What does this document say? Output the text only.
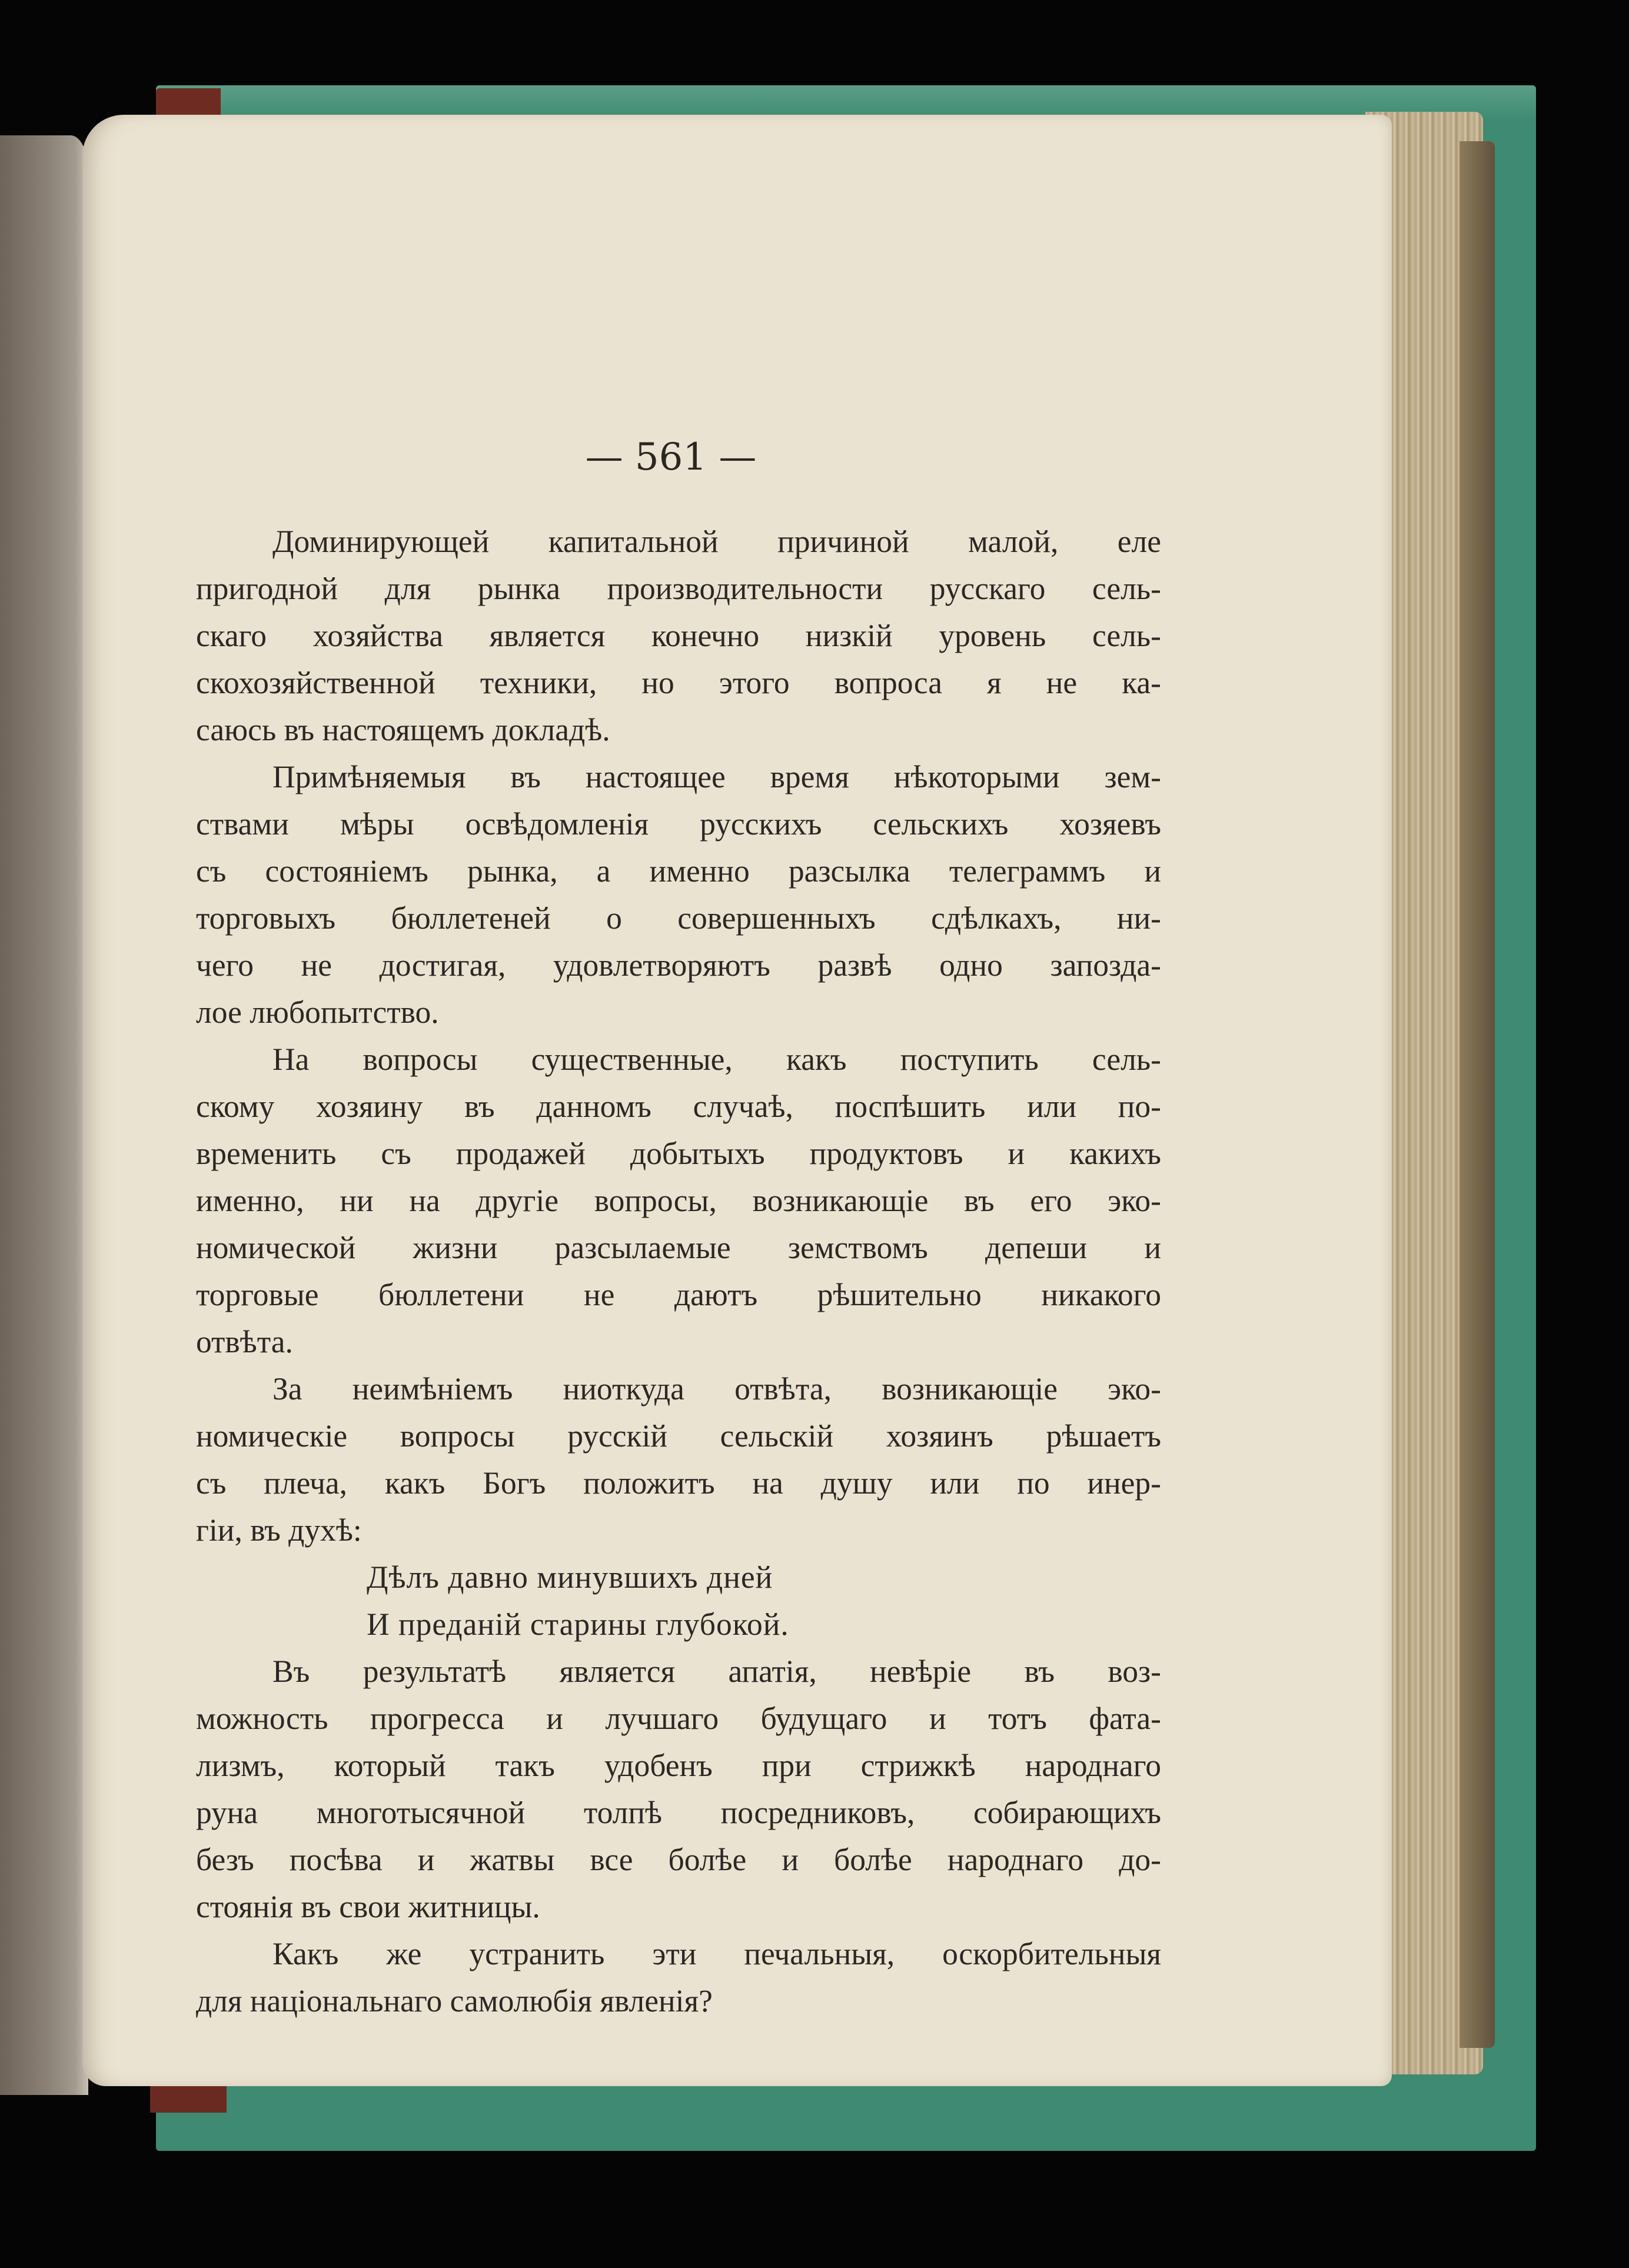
— 561 —
Доминирующей капитальной причиной малой, еле
пригодной для рынка производительности русскаго сель-
скаго хозяйства является конечно низкій уровень сель-
скохозяйственной техники, но этого вопроса я не ка-
саюсь въ настоящемъ докладѣ.
Примѣняемыя въ настоящее время нѣкоторыми зем-
ствами мѣры освѣдомленія русскихъ сельскихъ хозяевъ
съ состояніемъ рынка, а именно разсылка телеграммъ и
торговыхъ бюллетеней о совершенныхъ сдѣлкахъ, ни-
чего не достигая, удовлетворяютъ развѣ одно запозда-
лое любопытство.
На вопросы существенные, какъ поступить сель-
скому хозяину въ данномъ случаѣ, поспѣшить или по-
временить съ продажей добытыхъ продуктовъ и какихъ
именно, ни на другіе вопросы, возникающіе въ его эко-
номической жизни разсылаемые земствомъ депеши и
торговые бюллетени не даютъ рѣшительно никакого
отвѣта.
За неимѣніемъ ниоткуда отвѣта, возникающіе эко-
номическіе вопросы русскій сельскій хозяинъ рѣшаетъ
съ плеча, какъ Богъ положитъ на душу или по инер-
гіи, въ духѣ:
Дѣлъ давно минувшихъ дней
И преданій старины глубокой.
Въ результатѣ является апатія, невѣріе въ воз-
можность прогресса и лучшаго будущаго и тотъ фата-
лизмъ, который такъ удобенъ при стрижкѣ народнаго
руна многотысячной толпѣ посредниковъ, собирающихъ
безъ посѣва и жатвы все болѣе и болѣе народнаго до-
стоянія въ свои житницы.
Какъ же устранить эти печальныя, оскорбительныя
для національнаго самолюбія явленія?
